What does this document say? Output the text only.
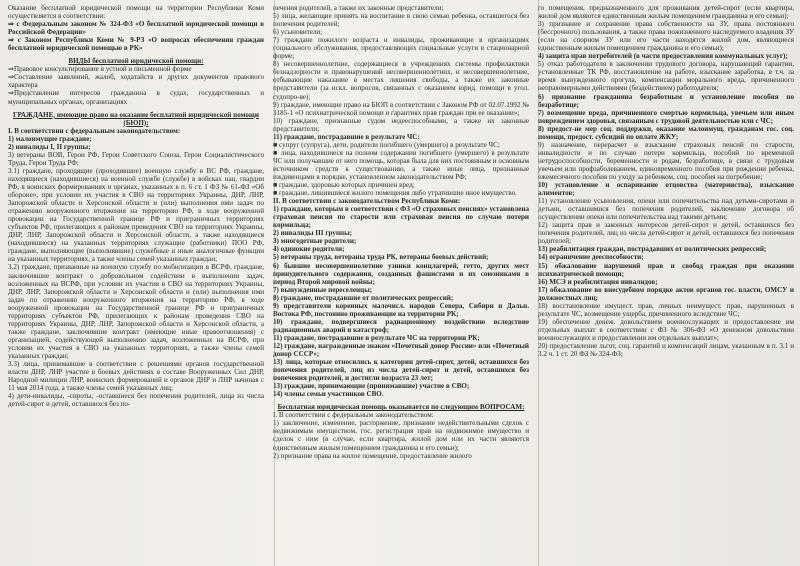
Оказание бесплатной юридической помощи на территории Республики Коми осуществляется в соответствии:

⇒ с Федеральным законом № 324-ФЗ «О бесплатной юридической помощи в Российской Федерации»

⇒ с Законом Республики Коми № 9-РЗ «О вопросах обеспечения граждан бесплатной юридической помощью в РК»

ВИДЫ бесплатной юридической помощи:

⇒Правовое консультирование в устной и письменной форме

⇒Составление заявлений, жалоб, ходатайств и других документов правового характера

⇒Представление интересов гражданина в судах, государственных и муниципальных органах, организациях

ГРАЖДАНЕ, имеющие право на оказание бесплатной юридической помощи (БЮП):

I. В соответствии с федеральным законодательством:

1) малоимущие граждане;

2) инвалиды I, II группы;

3) ветераны ВОВ, Герои РФ, Герои Советского Союза, Герои Социалистического Труда, Герои Труда РФ;

3.1) граждане, проходящие (проходившие) военную службу в ВС РФ, граждане, находящиеся (находившиеся) на военной службе (службе) в войсках нац. гвардии РФ, в воинских формированиях и органах, указанных в п. 6 ст. 1 ФЗ № 61-ФЗ «Об обороне», при условии их участия в СВО на территориях Украины, ДНР, ЛНР, Запорожской области и Херсонской области и (или) выполнения ими задач по отражению вооруженного вторжения на территорию РФ, в ходе вооруженной провокации на Государственной границе РФ и приграничных территориях субъектов РФ, прилегающих к районам проведения СВО на территориях Украины, ДНР, ЛНР, Запорожской области и Херсонской области, а также находящиеся (находившиеся) на указанных территориях служащие (работники) ПОО РФ, граждане, выполняющие (выполнявшие) служебные и иные аналогичные функции на указанных территориях, а также члены семей указанных граждан;

3.2) граждане, призванные на военную службу по мобилизации в ВСРФ, граждане, заключившие контракт о добровольном содействии в выполнении задач, возложенных на ВСРФ, при условии их участия в СВО на территориях Украины, ДНР, ЛНР, Запорожской области и Херсонской области и (или) выполнения ими задач по отражению вооруженного вторжения на территорию РФ, в ходе вооруженной провокации на Государственной границе РФ и приграничных территориях субъектов РФ, прилегающих к районам проведения СВО на территориях Украины, ДНР, ЛНР, Запорожской области и Херсонской области, а также граждане, заключившие контракт (имеющие иные правоотношения) с организацией, содействующей выполнению задач, возложенных на ВСРФ, при условии их участия в СВО на указанных территориях, а также члены семей указанных граждан;

3.3) лица, принимавшие в соответствии с решениями органов государственной власти ДНР, ЛНР участие в боевых действиях в составе Вооруженных Сил ДНР, Народной милиции ЛНР, воинских формирований и органов ДНР и ЛНР начиная с 11 мая 2014 года, а также члены семей указанных лиц;

4) дети-инвалиды, -сироты, -оставшиеся без попечения родителей, лица из числа детей-сирот и детей, оставшихся без по-

печения родителей, а также их законные представители;

5) лица, желающие принять на воспитание в свою семью ребенка, оставшегося без попечения родителей;

6) усыновители;

7) граждане пожилого возраста и инвалиды, проживающие в организациях социального обслуживания, предоставляющих социальные услуги в стационарной форме;

8) несовершеннолетние, содержащиеся в учреждениях системы профилактики безнадзорности и правонарушений несовершеннолетних, и несовершеннолетние, отбывающие наказание в местах лишения свободы, а также их законные представители (за искл. вопросов, связанных с оказанием юрид. помощи в угол. судопро-ве);

9) граждане, имеющие право на БЮП в соответствии с Законом РФ от 02.07.1992 № 3185-1 «О психиатрической помощи и гарантиях прав граждан при ее оказании»;

10) граждане, признанные судом недееспособными, а также их законные представители;

11) граждане, пострадавшие в результате ЧС:

■ супруг (супруга), дети, родители погибшего (умершего) в результате ЧС;

■ лица, находившиеся на полном содержании погибшего (умершего) в результате ЧС или получавшие от него помощь, которая была для них постоянным и основным источником средств к существованию, а также иные лица, признанные иждивенцами в порядке, установленном законодательством РФ;

■ граждане, здоровью которых причинен вред;

■ граждане, лишившиеся жилого помещения либо утратившие иное имущество.

II. В соответствии с законодательством Республики Коми:

1) граждане, которым в соответствии с ФЗ «О страховых пенсиях» установлена страховая пенсия по старости или страховая пенсия по случаю потери кормильца;

2) инвалиды III группы;

3) многодетные родители;

4) одинокие родители;

5) ветераны труда, ветераны труда РК, ветераны боевых действий;

6) бывшие несовершеннолетние узники концлагерей, гетто, других мест принудительного содержания, созданных фашистами и их союзниками в период Второй мировой войны;

7) вынужденные переселенцы;

8) граждане, пострадавшие от политических репрессий;

9) представители коренных малочисл. народов Севера, Сибири и Дальн. Востока РФ, постоянно проживающие на территории РК;

10) граждане, подвергшиеся радиационному воздействию вследствие радиационных аварий и катастроф;

11) граждане, пострадавшие в результате ЧС на территории РК;

12) граждане, награжденные знаком «Почетный донор России» или «Почетный донор СССР»;

13) лица, которые относились к категории детей-сирот, детей, оставшихся без попечения родителей, лиц из числа детей-сирот и детей, оставшихся без попечения родителей, и достигли возраста 23 лет;

13) граждане, принимающие (принимавшие) участие в СВО;

14) члены семьи участников СВО.

Бесплатная юридическая помощь оказывается по следующим ВОПРОСАМ:

I. В соответствии с федеральным законодательством:

1) заключение, изменение, расторжение, признание недействительными сделок с недвижимым имуществом, гос. регистрация прав на недвижимое имущество и сделок с ним (в случае, если квартира, жилой дом или их части являются единственным жилым помещением гражданина и его семьи);

2) признание права на жилое помещение, предоставление жилого

го помещения, предназначенного для проживания детей-сирот (если квартира, жилой дом являются единственным жилым помещением гражданина и его семьи);

3) признание и сохранение права собственности на ЗУ, права постоянного (бессрочного) пользования, а также права пожизненного наследуемого владения ЗУ (если на спорном ЗУ или его части находятся жилой дом, являющиеся единственным жилым помещением гражданина и его семьи);

4) защита прав потребителей (в части предоставления коммунальных услуг);

5) отказ работодателя в заключении трудового договора, нарушающий гарантии, установленные ТК РФ, восстановление на работе, взыскание заработка, в т.ч. за время вынужденного прогула, компенсации морального вреда, причиненного неправомерными действиями (бездействием) работодателя;

6) признание гражданина безработным и установление пособия по безработице;

7) возмещение вреда, причиненного смертью кормильца, увечьем или иным повреждением здоровья, связанным с трудовой деятельностью или с ЧС;

8) предост-не мер соц. поддержки, оказание малоимущ. гражданам гос. соц. помощи, предост. субсидий по оплате ЖКУ;

9) назначение, перерасчет и взыскание страховых пенсий по старости, инвалидности и по случаю потери кормильца, пособий по временной нетрудоспособности, беременности и родам, безработице, в связи с трудовым увечьем или профзаболеванием, единовременного пособия при рождении ребенка, ежемесячного пособия по уходу за ребенком, соц. пособия на погребение;

10) установление и оспаривание отцовства (материнства), взыскание алиментов;

11) установление усыновления, опеки или попечительства над детьми-сиротами и детьми, оставшимися без попечения родителей, заключение договора об осуществлении опеки или попечительства над такими детьми;

12) защита прав и законных интересов детей-сирот и детей, оставшихся без попечения родителей, лиц из числа детей-сирот и детей, оставшихся без попечения родителей;

13) реабилитация граждан, пострадавших от политических репрессий;

14) ограничение дееспособности;

15) обжалование нарушений прав и свобод граждан при оказании психиатрической помощи;

16) МСЭ и реабилитация инвалидов;

17) обжалование во внесудебном порядке актов органов гос. власти, ОМСУ и должностных лиц;

18) восстановление имущест. прав, личных неимущест. прав, нарушенных в результате ЧС, возмещение ущерба, причиненного вследствие ЧС;

19) обеспечение денеж. довольствием военнослужащих и предоставление им отдельных выплат в соответствии с ФЗ № 306-ФЗ «О денежном довольствии военнослужащих и предоставлении им отдельных выплат»;

20) предоставление льгот, соц. гарантий и компенсаций лицам, указанным в п. 3.1 и 3.2 ч. 1 ст. 20 ФЗ № 324-ФЗ;
